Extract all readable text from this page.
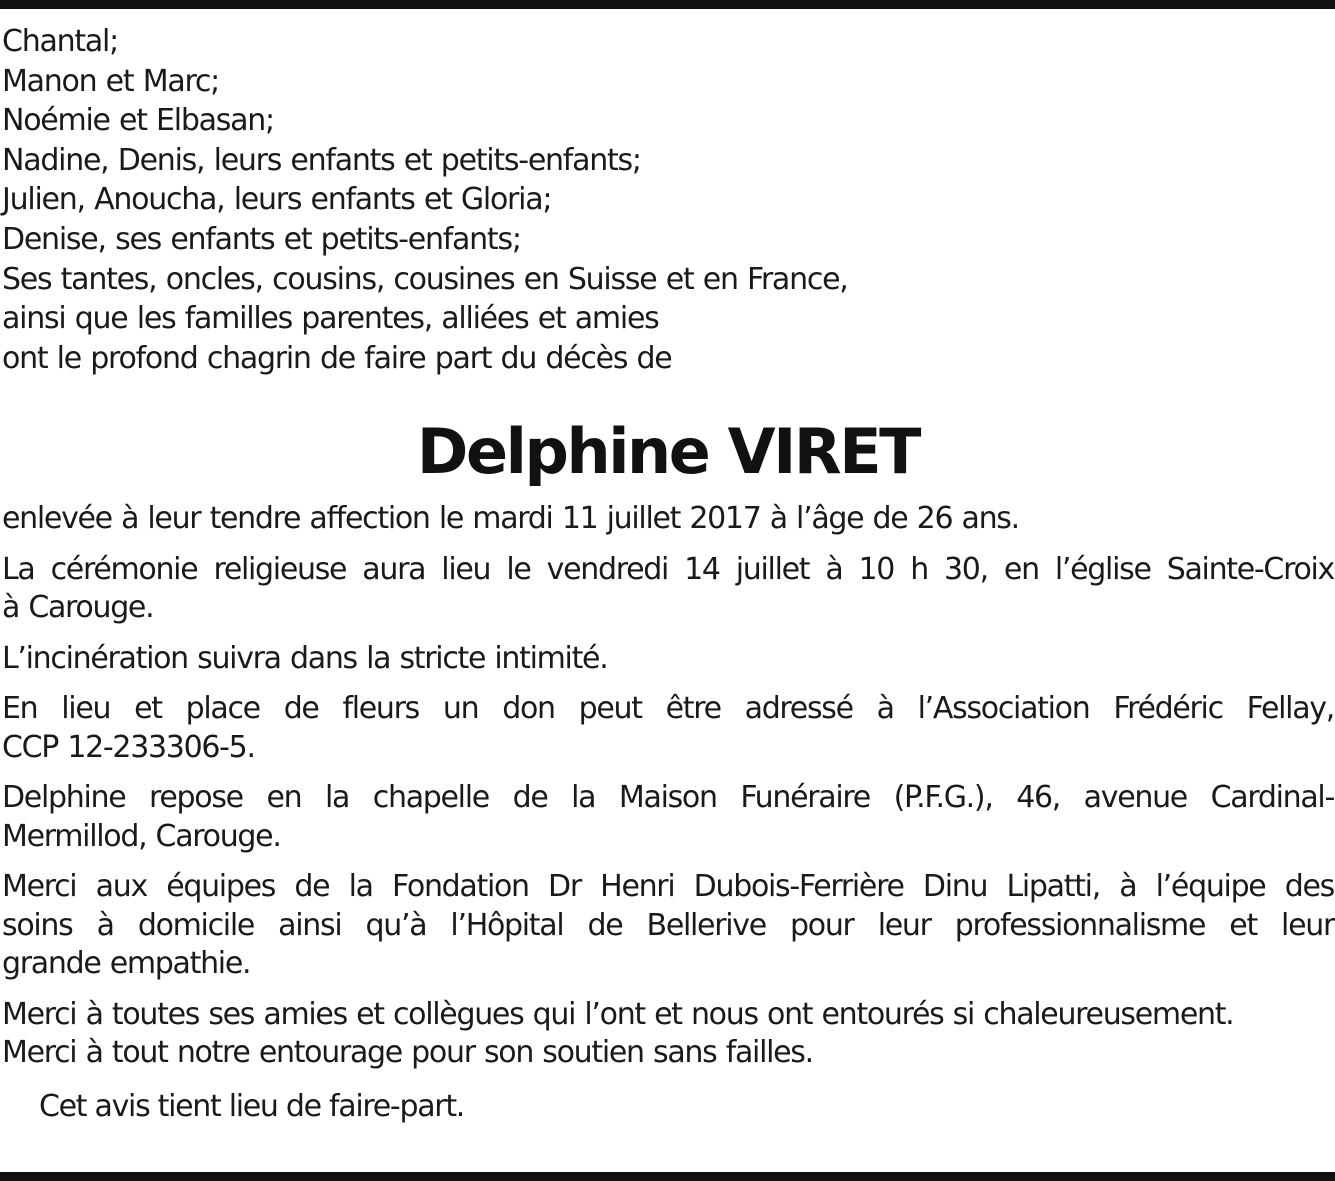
Chantal;
Manon et Marc;
Noémie et Elbasan;
Nadine, Denis, leurs enfants et petits-enfants;
Julien, Anoucha, leurs enfants et Gloria;
Denise, ses enfants et petits-enfants;
Ses tantes, oncles, cousins, cousines en Suisse et en France,
ainsi que les familles parentes, alliées et amies
ont le profond chagrin de faire part du décès de
Delphine VIRET

enlevée à leur tendre affection le mardi 11 juillet 2017 à l’âge de 26 ans.

La cérémonie religieuse aura lieu le vendredi 14 juillet à 10 h 30, en l’église Sainte-Croix
à Carouge.

L’incinération suivra dans la stricte intimité.

En lieu et place de fleurs un don peut être adressé à l’Association Frédéric Fellay,
CCP 12-233306-5.

Delphine repose en la chapelle de la Maison Funéraire (P.F.G.), 46, avenue Cardinal-
Mermillod, Carouge.

Merci aux équipes de la Fondation Dr Henri Dubois-Ferrière Dinu Lipatti, à l’équipe des
soins à domicile ainsi qu’à l’Hôpital de Bellerive pour leur professionnalisme et leur
grande empathie.

Merci à toutes ses amies et collègues qui l’ont et nous ont entourés si chaleureusement.
Merci à tout notre entourage pour son soutien sans failles.

Cet avis tient lieu de faire-part.
